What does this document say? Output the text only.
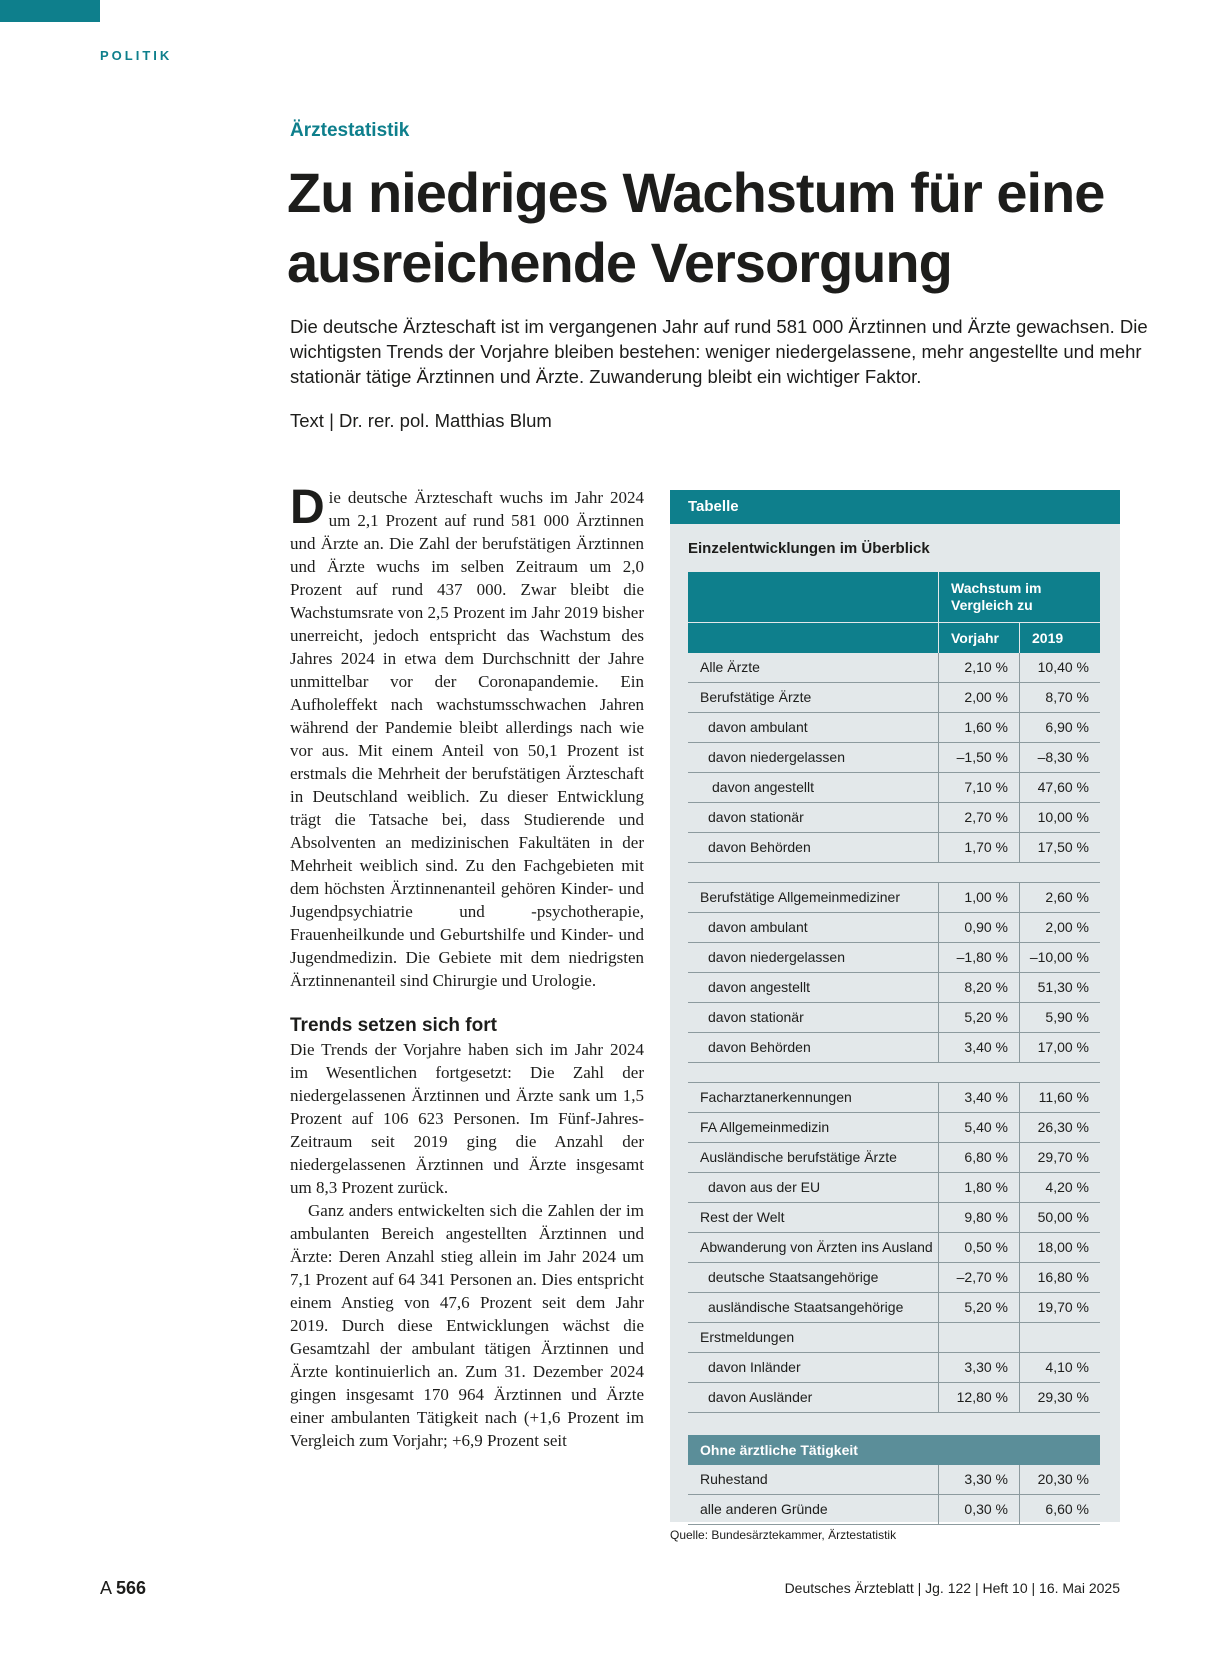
POLITIK
Ärztestatistik
Zu niedriges Wachstum für eine ausreichende Versorgung

Die deutsche Ärzteschaft ist im vergangenen Jahr auf rund 581 000 Ärztinnen und Ärzte gewachsen. Die wichtigsten Trends der Vorjahre bleiben bestehen: weniger niedergelassene, mehr angestellte und mehr stationär tätige Ärztinnen und Ärzte. Zuwanderung bleibt ein wichtiger Faktor.

Text | Dr. rer. pol. Matthias Blum

Die deutsche Ärzteschaft wuchs im Jahr 2024 um 2,1 Prozent auf rund 581 000 Ärztinnen und Ärzte an. Die Zahl der berufstätigen Ärztinnen und Ärzte wuchs im selben Zeitraum um 2,0 Prozent auf rund 437 000. Zwar bleibt die Wachstumsrate von 2,5 Prozent im Jahr 2019 bisher unerreicht, jedoch entspricht das Wachstum des Jahres 2024 in etwa dem Durchschnitt der Jahre unmittelbar vor der Coronapandemie. Ein Aufholeffekt nach wachstumsschwachen Jahren während der Pandemie bleibt allerdings nach wie vor aus. Mit einem Anteil von 50,1 Prozent ist erstmals die Mehrheit der berufstätigen Ärzteschaft in Deutschland weiblich. Zu dieser Entwicklung trägt die Tatsache bei, dass Studierende und Absolventen an medizinischen Fakultäten in der Mehrheit weiblich sind. Zu den Fachgebieten mit dem höchsten Ärztinnenanteil gehören Kinder- und Jugendpsychiatrie und -psychotherapie, Frauenheilkunde und Geburtshilfe und Kinder- und Jugendmedizin. Die Gebiete mit dem niedrigsten Ärztinnenanteil sind Chirurgie und Urologie.

Trends setzen sich fort

Die Trends der Vorjahre haben sich im Jahr 2024 im Wesentlichen fortgesetzt: Die Zahl der niedergelassenen Ärztinnen und Ärzte sank um 1,5 Prozent auf 106 623 Personen. Im Fünf-Jahres-Zeitraum seit 2019 ging die Anzahl der niedergelassenen Ärztinnen und Ärzte insgesamt um 8,3 Prozent zurück.

Ganz anders entwickelten sich die Zahlen der im ambulanten Bereich angestellten Ärztinnen und Ärzte: Deren Anzahl stieg allein im Jahr 2024 um 7,1 Prozent auf 64 341 Personen an. Dies entspricht einem Anstieg von 47,6 Prozent seit dem Jahr 2019. Durch diese Entwicklungen wächst die Gesamtzahl der ambulant tätigen Ärztinnen und Ärzte kontinuierlich an. Zum 31. Dezember 2024 gingen insgesamt 170 964 Ärztinnen und Ärzte einer ambulanten Tätigkeit nach (+1,6 Prozent im Vergleich zum Vorjahr; +6,9 Prozent seit

Tabelle
Einzelentwicklungen im Überblick
Wachstum im Vergleich zu
Vorjahr	2019
Alle Ärzte	2,10 %	10,40 %
Berufstätige Ärzte	2,00 %	8,70 %
davon ambulant	1,60 %	6,90 %
davon niedergelassen	–1,50 %	–8,30 %
davon angestellt	7,10 %	47,60 %
davon stationär	2,70 %	10,00 %
davon Behörden	1,70 %	17,50 %
Berufstätige Allgemeinmediziner	1,00 %	2,60 %
davon ambulant	0,90 %	2,00 %
davon niedergelassen	–1,80 %	–10,00 %
davon angestellt	8,20 %	51,30 %
davon stationär	5,20 %	5,90 %
davon Behörden	3,40 %	17,00 %
Facharztanerkennungen	3,40 %	11,60 %
FA Allgemeinmedizin	5,40 %	26,30 %
Ausländische berufstätige Ärzte	6,80 %	29,70 %
davon aus der EU	1,80 %	4,20 %
Rest der Welt	9,80 %	50,00 %
Abwanderung von Ärzten ins Ausland	0,50 %	18,00 %
deutsche Staatsangehörige	–2,70 %	16,80 %
ausländische Staatsangehörige	5,20 %	19,70 %
Erstmeldungen
davon Inländer	3,30 %	4,10 %
davon Ausländer	12,80 %	29,30 %
Ohne ärztliche Tätigkeit
Ruhestand	3,30 %	20,30 %
alle anderen Gründe	0,30 %	6,60 %
Quelle: Bundesärztekammer, Ärztestatistik
A 566	Deutsches Ärzteblatt | Jg. 122 | Heft 10 | 16. Mai 2025
